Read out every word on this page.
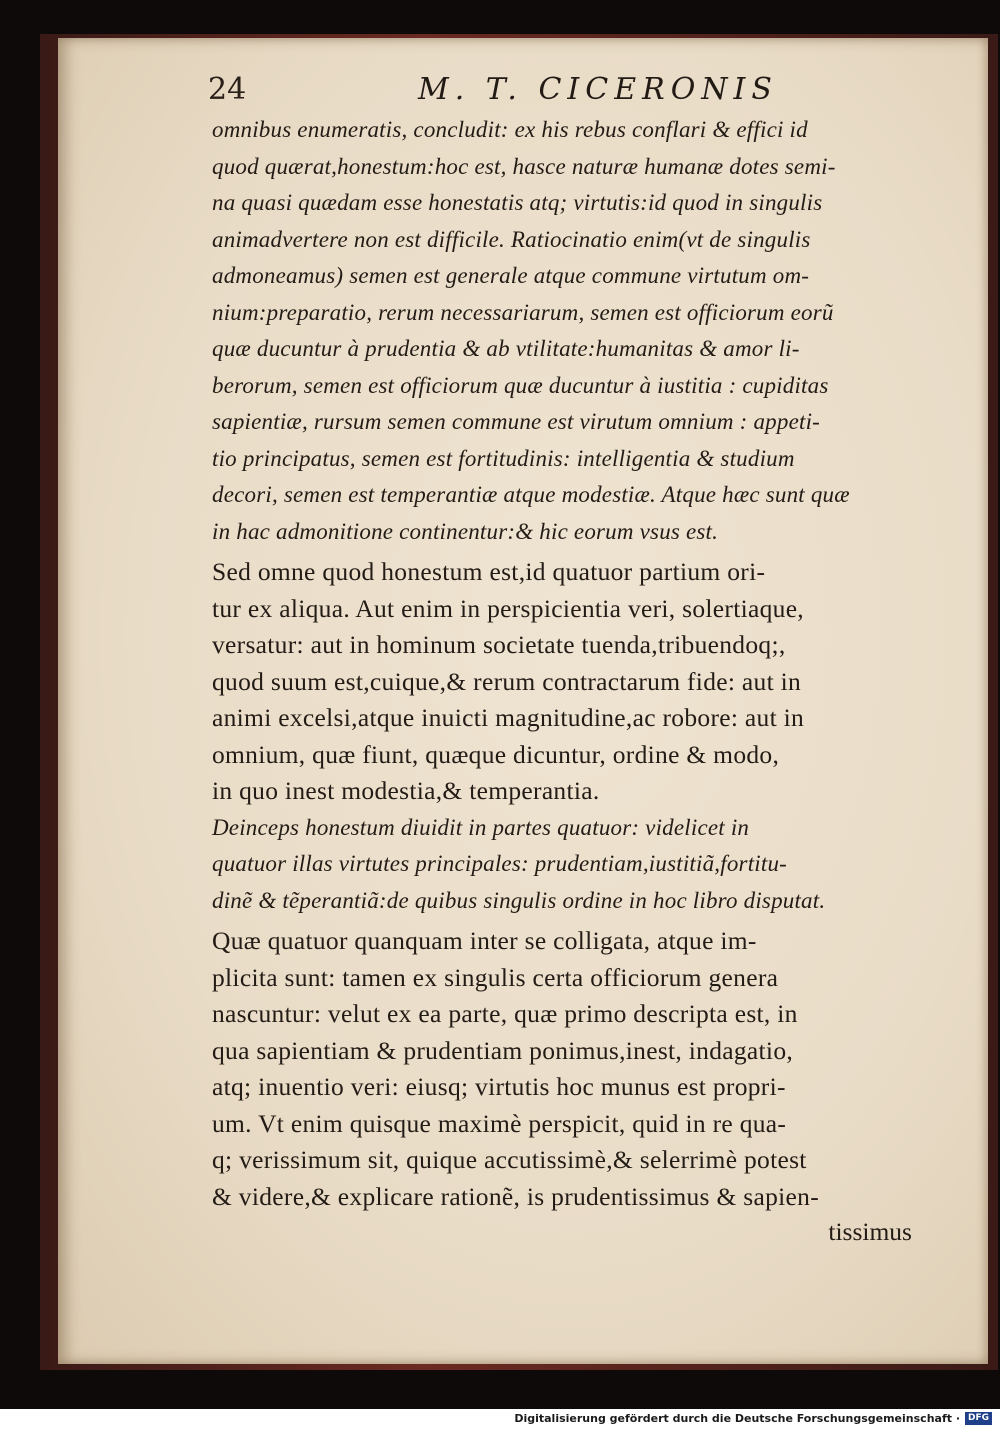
24	M. T. CICERONIS
omnibus enumeratis, concludit: ex his rebus conflari & effici id
quod quærat,honestum:hoc est, hasce naturæ humanæ dotes semi-
na quasi quædam esse honestatis atq; virtutis:id quod in singulis
animadvertere non est difficile. Ratiocinatio enim(vt de singulis
admoneamus) semen est generale atque commune virtutum om-
nium:preparatio, rerum necessariarum, semen est officiorum eorũ
quæ ducuntur à prudentia & ab vtilitate:humanitas & amor li-
berorum, semen est officiorum quæ ducuntur à iustitia : cupiditas
sapientiæ, rursum semen commune est virutum omnium : appeti-
tio principatus, semen est fortitudinis: intelligentia & studium
decori, semen est temperantiæ atque modestiæ. Atque hæc sunt quæ
in hac admonitione continentur:& hic eorum vsus est.
Sed omne quod honestum est,id quatuor partium ori-
tur ex aliqua. Aut enim in perspicientia veri, solertiaque,
versatur: aut in hominum societate tuenda,tribuendoq;,
quod suum est,cuique,& rerum contractarum fide: aut in
animi excelsi,atque inuicti magnitudine,ac robore: aut in
omnium, quæ fiunt, quæque dicuntur, ordine & modo,
in quo inest modestia,& temperantia.
Deinceps honestum diuidit in partes quatuor: videlicet in
quatuor illas virtutes principales: prudentiam,iustitiã,fortitu-
dinẽ & tẽperantiã:de quibus singulis ordine in hoc libro disputat.
Quæ quatuor quanquam inter se colligata, atque im-
plicita sunt: tamen ex singulis certa officiorum genera
nascuntur: velut ex ea parte, quæ primo descripta est, in
qua sapientiam & prudentiam ponimus,inest, indagatio,
atq; inuentio veri: eiusq; virtutis hoc munus est propri-
um. Vt enim quisque maximè perspicit, quid in re qua-
q; verissimum sit, quique accutissimè,& selerrimè potest
& videre,& explicare rationẽ, is prudentissimus & sapien-
tissimus
Digitalisierung gefördert durch die Deutsche Forschungsgemeinschaft · DFG
